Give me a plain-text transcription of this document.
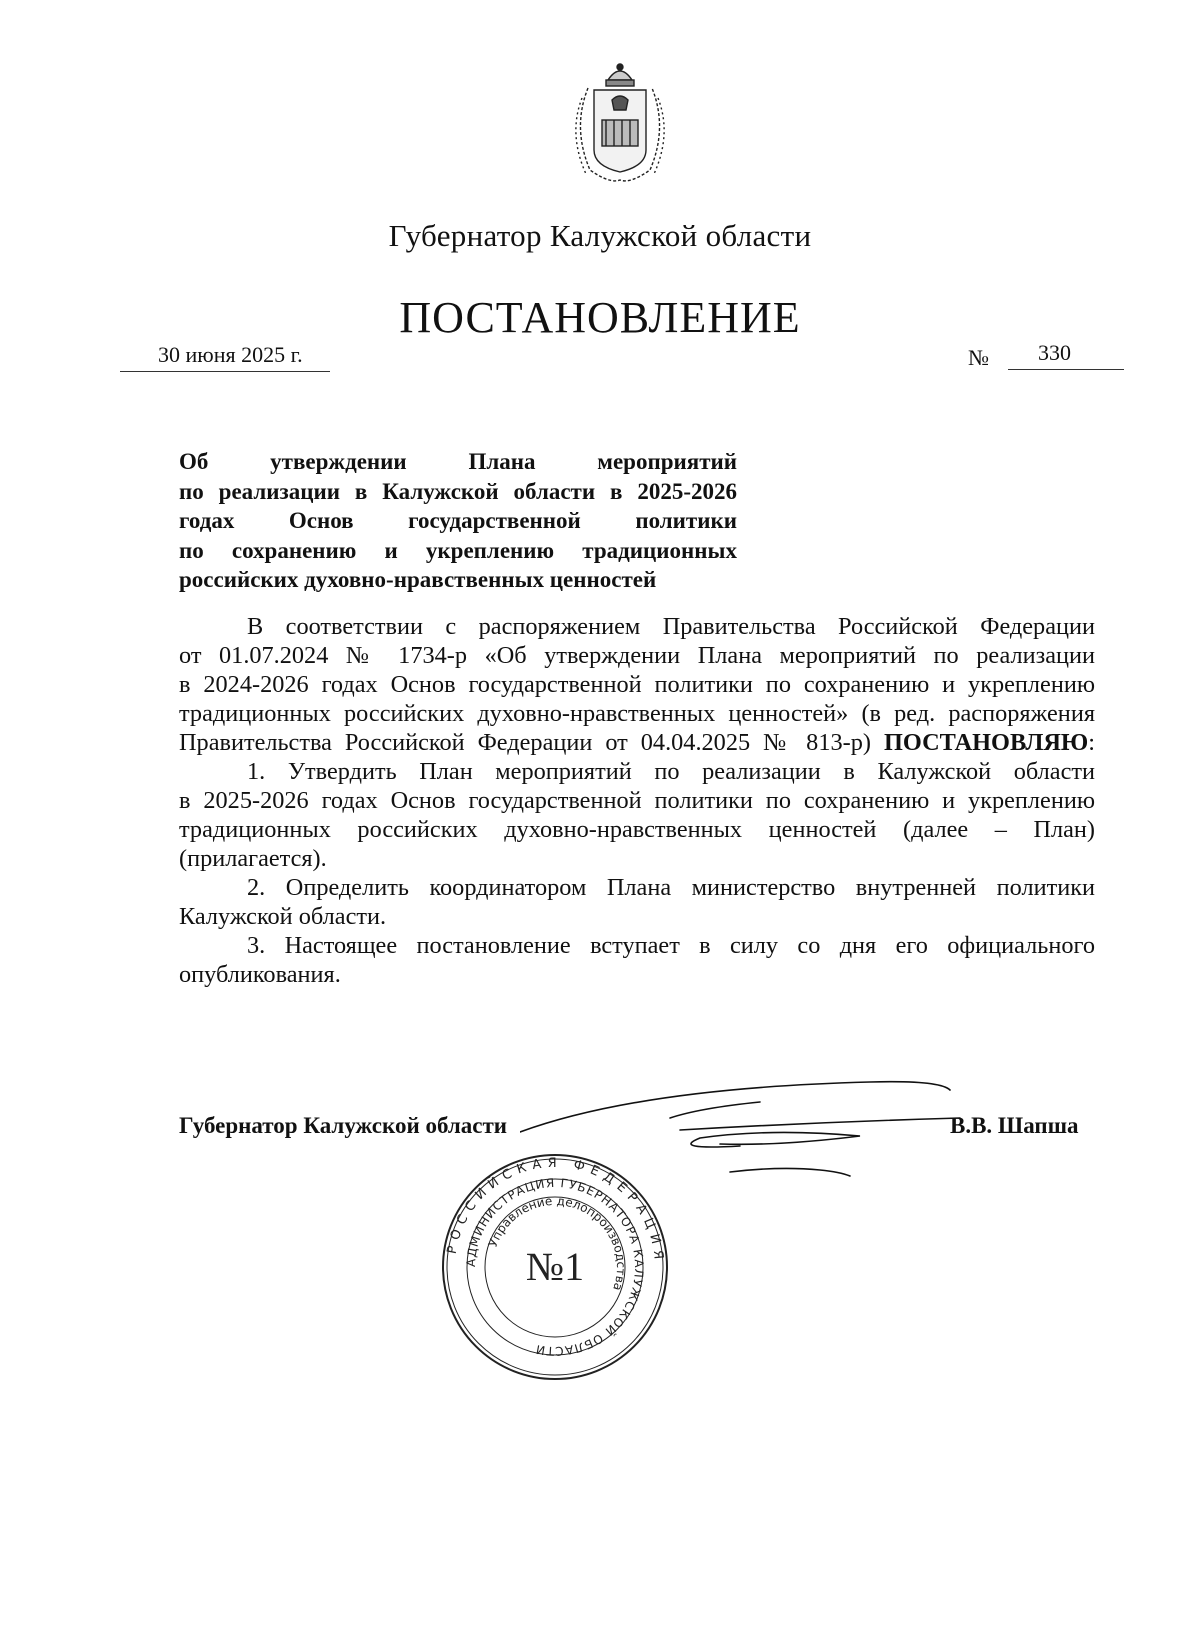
Губернатор Калужской области
ПОСТАНОВЛЕНИЕ
30 июня 2025 г.	№	330
Об утверждении Плана мероприятий
по реализации в Калужской области в 2025-2026
годах Основ государственной политики
по сохранению и укреплению традиционных
российских духовно-нравственных ценностей
В соответствии с распоряжением Правительства Российской Федерации
от 01.07.2024 № 1734-р «Об утверждении Плана мероприятий по реализации
в 2024-2026 годах Основ государственной политики по сохранению и укреплению
традиционных российских духовно-нравственных ценностей» (в ред. распоряжения
Правительства Российской Федерации от 04.04.2025 № 813-р) ПОСТАНОВЛЯЮ:
1. Утвердить План мероприятий по реализации в Калужской области
в 2025-2026 годах Основ государственной политики по сохранению и укреплению
традиционных российских духовно-нравственных ценностей (далее – План)
(прилагается).
2. Определить координатором Плана министерство внутренней политики
Калужской области.
3. Настоящее постановление вступает в силу со дня его официального
опубликования.
Губернатор Калужской области	В.В. Шапша
РОССИЙСКАЯ ФЕДЕРАЦИЯ
АДМИНИСТРАЦИЯ ГУБЕРНАТОРА КАЛУЖСКОЙ ОБЛАСТИ
Управление делопроизводства
№1
